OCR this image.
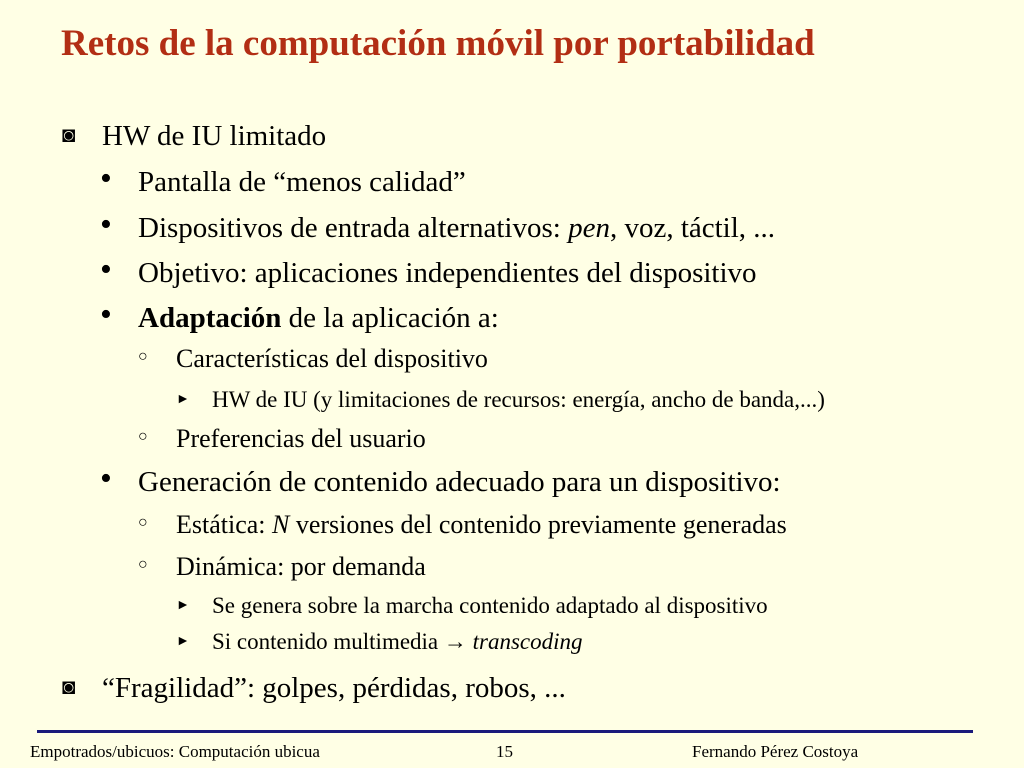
Retos de la computación móvil por portabilidad
◙ HW de IU limitado
• Pantalla de “menos calidad”
• Dispositivos de entrada alternativos: pen, voz, táctil, ...
• Objetivo: aplicaciones independientes del dispositivo
• Adaptación de la aplicación a:
○ Características del dispositivo
► HW de IU (y limitaciones de recursos: energía, ancho de banda,...)
○ Preferencias del usuario
• Generación de contenido adecuado para un dispositivo:
○ Estática: N versiones del contenido previamente generadas
○ Dinámica: por demanda
► Se genera sobre la marcha contenido adaptado al dispositivo
► Si contenido multimedia → transcoding
◙ “Fragilidad”: golpes, pérdidas, robos, ...
Empotrados/ubicuos: Computación ubicua	15	Fernando Pérez Costoya
